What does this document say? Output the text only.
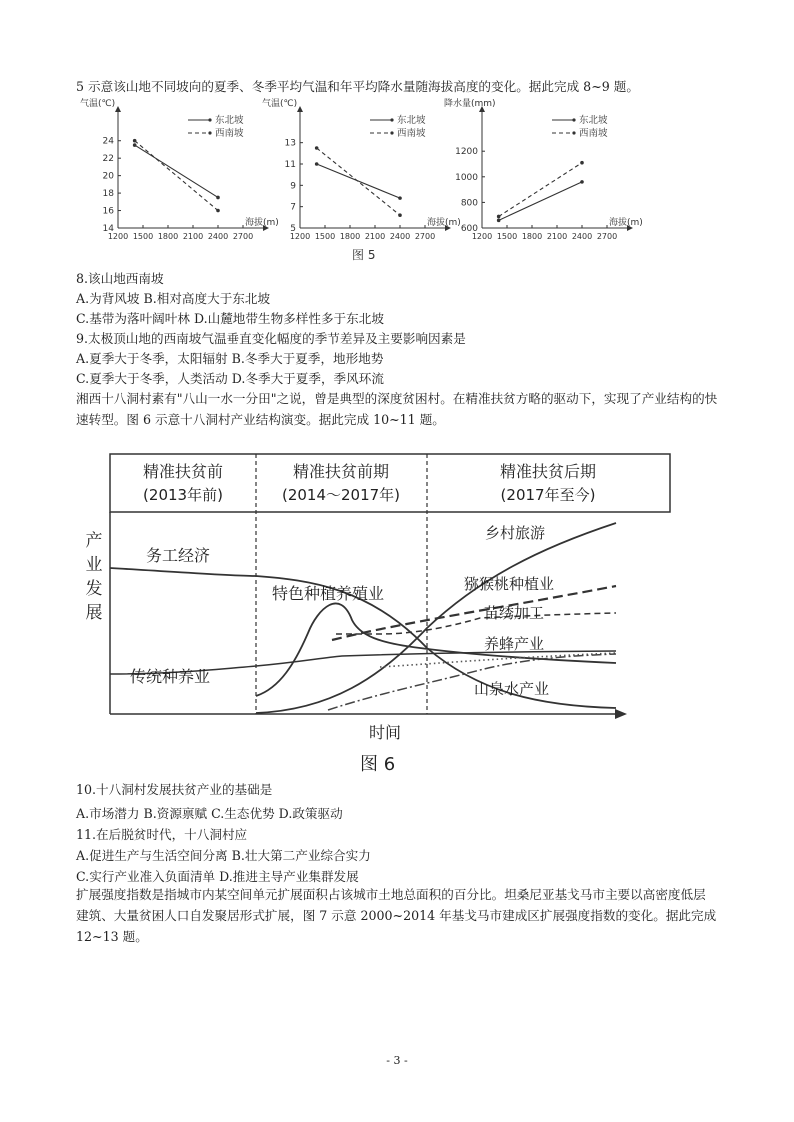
5 示意该山地不同坡向的夏季、冬季平均气温和年平均降水量随海拔高度的变化。据此完成 8~9 题。
气温(℃)
海拔(m)
14
16
18
20
22
24
1200 1500 1800 2100 2400 2700
东北坡
西南坡
气温(℃)
海拔(m)
5
7
9
11
13
1200 1500 1800 2100 2400 2700
东北坡
西南坡
降水量(mm)
海拔(m)
600
800
1000
1200
1200 1500 1800 2100 2400 2700
东北坡
西南坡
图 5
8.该山地西南坡
A.为背风坡 B.相对高度大于东北坡
C.基带为落叶阔叶林 D.山麓地带生物多样性多于东北坡
9.太极顶山地的西南坡气温垂直变化幅度的季节差异及主要影响因素是
A.夏季大于冬季，太阳辐射 B.冬季大于夏季，地形地势
C.夏季大于冬季，人类活动 D.冬季大于夏季，季风环流
湘西十八洞村素有"八山一水一分田"之说，曾是典型的深度贫困村。在精准扶贫方略的驱动下，实现了产业结构的快速转型。图 6 示意十八洞村产业结构演变。据此完成 10~11 题。
精准扶贫前
(2013年前)
精准扶贫前期
(2014～2017年)
精准扶贫后期
(2017年至今)
产
业
发
展
时间
乡村旅游
务工经济
猕猴桃种植业
特色种植养殖业
苗绣加工
养蜂产业
传统种养业
山泉水产业
图 6
10.十八洞村发展扶贫产业的基础是
A.市场潜力 B.资源禀赋 C.生态优势 D.政策驱动
11.在后脱贫时代，十八洞村应
A.促进生产与生活空间分离 B.壮大第二产业综合实力
C.实行产业准入负面清单 D.推进主导产业集群发展
扩展强度指数是指城市内某空间单元扩展面积占该城市土地总面积的百分比。坦桑尼亚基戈马市主要以高密度低层建筑、大量贫困人口自发聚居形式扩展，图 7 示意 2000~2014 年基戈马市建成区扩展强度指数的变化。据此完成 12~13 题。
- 3 -
